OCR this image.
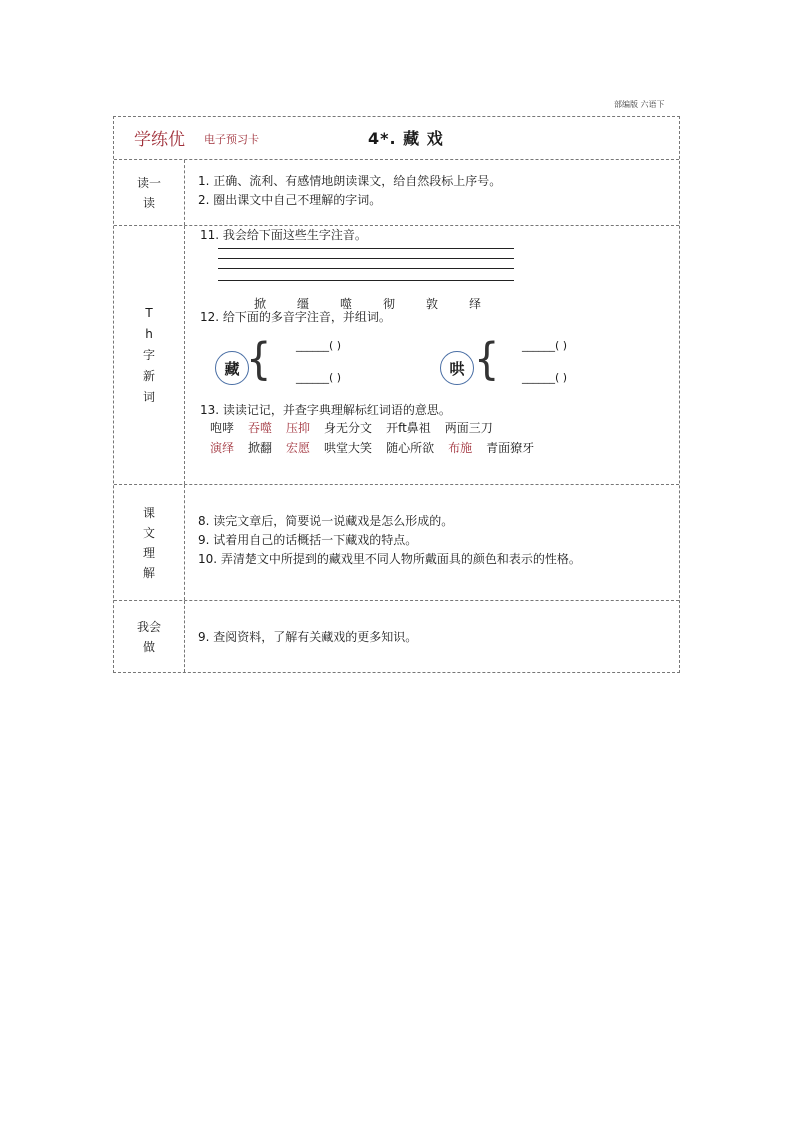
部编版 六语下
学练优 电子预习卡	4*. 藏 戏
读一读
1. 正确、流利、有感情地朗读课文，给自然段标上序号。
2. 圈出课文中自己不理解的字词。
Th 字 新 词
11. 我会给下面这些生字注音。
掀	缰	噬	彻	敦	绎
12. 给下面的多音字注音，并组词。
藏 { ______( )
______( )	哄 { ______( )
______( )
13. 读读记记，并查字典理解标红词语的意思。
咆哮 吞噬 压抑 身无分文 开ft鼻祖 两面三刀
演绎 掀翻 宏愿 哄堂大笑 随心所欲 布施 青面獠牙
课 文 理 解
8. 读完文章后，简要说一说藏戏是怎么形成的。
9. 试着用自己的话概括一下藏戏的特点。
10. 弄清楚文中所提到的藏戏里不同人物所戴面具的颜色和表示的性格。
我会做
9. 查阅资料，了解有关藏戏的更多知识。
